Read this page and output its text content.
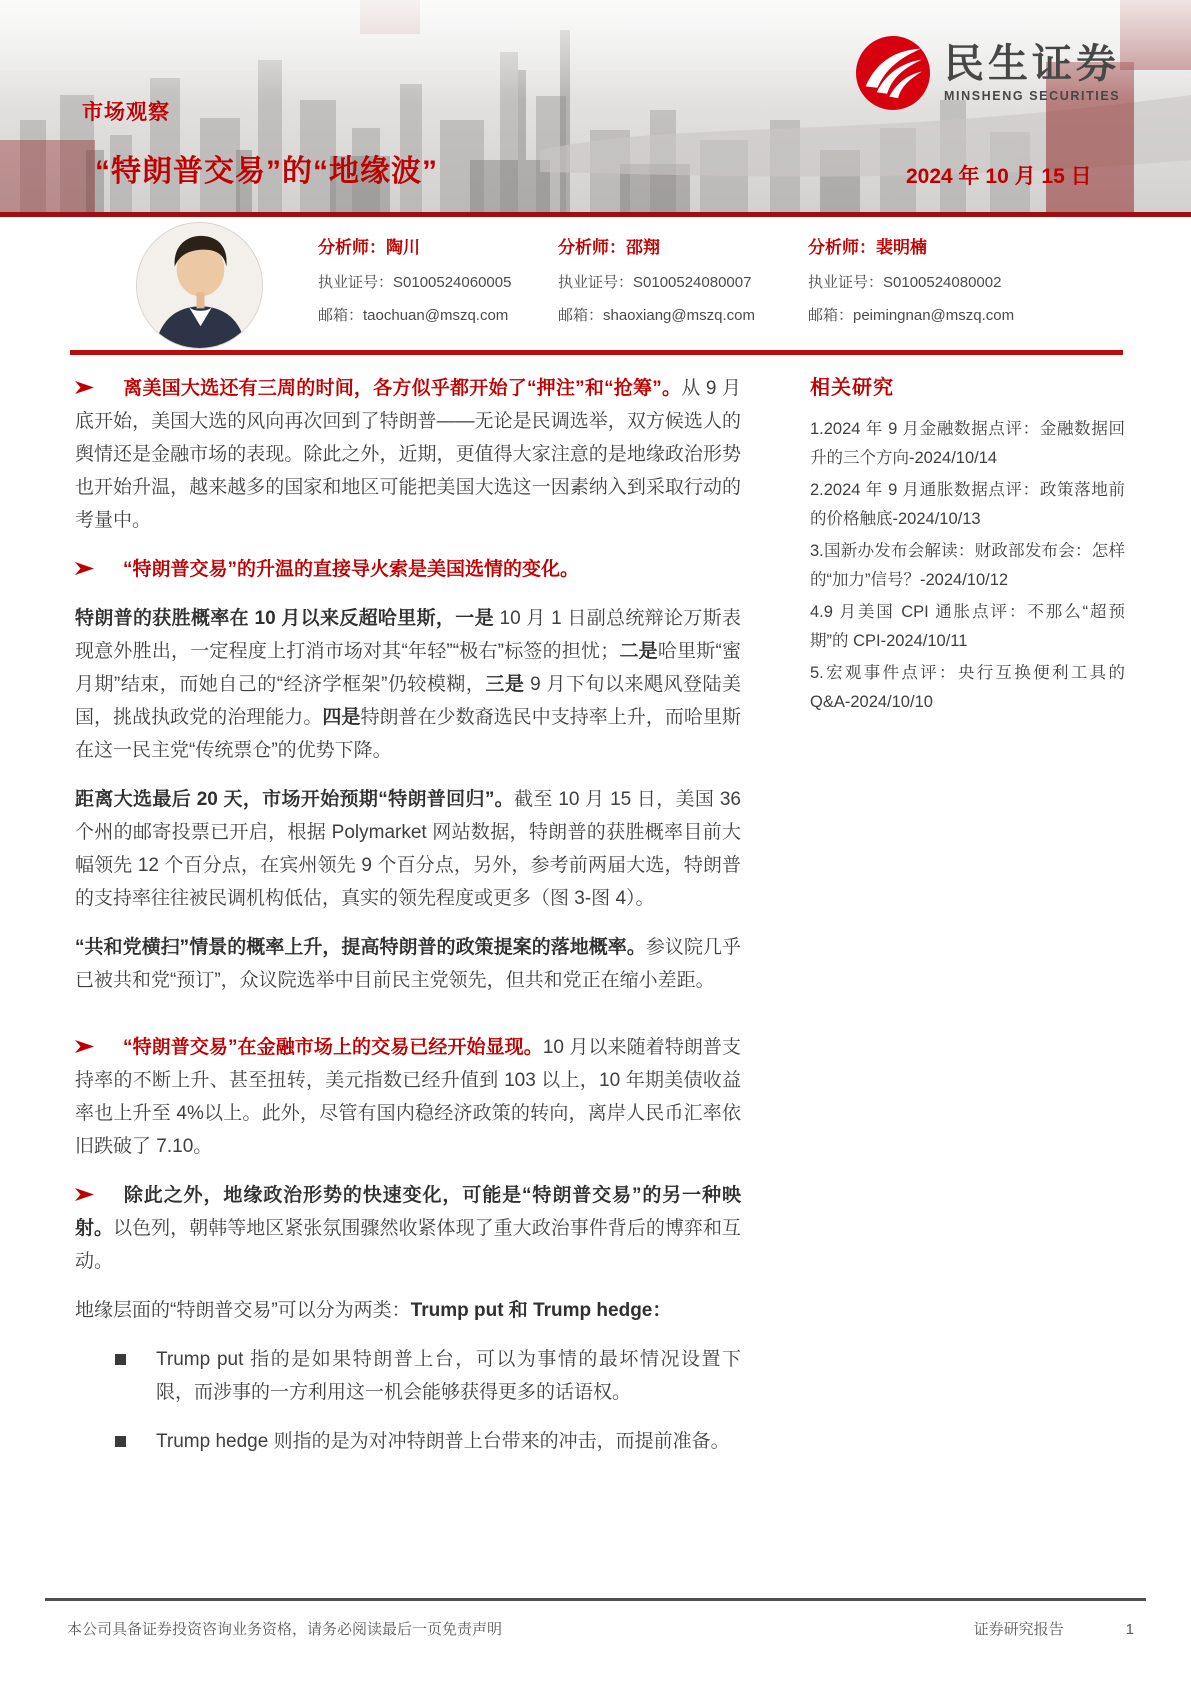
市场观察
“特朗普交易”的“地缘波”
民生证券
MINSHENG SECURITIES
2024 年 10 月 15 日
分析师：陶川
执业证号：S0100524060005
邮箱：taochuan@mszq.com
分析师：邵翔
执业证号：S0100524080007
邮箱：shaoxiang@mszq.com
分析师：裴明楠
执业证号：S0100524080002
邮箱：peimingnan@mszq.com

离美国大选还有三周的时间，各方似乎都开始了“押注”和“抢筹”。从 9 月底开始，美国大选的风向再次回到了特朗普——无论是民调选举，双方候选人的舆情还是金融市场的表现。除此之外，近期，更值得大家注意的是地缘政治形势也开始升温，越来越多的国家和地区可能把美国大选这一因素纳入到采取行动的考量中。

“特朗普交易”的升温的直接导火索是美国选情的变化。

特朗普的获胜概率在 10 月以来反超哈里斯，一是 10 月 1 日副总统辩论万斯表现意外胜出，一定程度上打消市场对其“年轻”“极右”标签的担忧；二是哈里斯“蜜月期”结束，而她自己的“经济学框架”仍较模糊，三是 9 月下旬以来飓风登陆美国，挑战执政党的治理能力。四是特朗普在少数裔选民中支持率上升，而哈里斯在这一民主党“传统票仓”的优势下降。

距离大选最后 20 天，市场开始预期“特朗普回归”。截至 10 月 15 日，美国 36 个州的邮寄投票已开启，根据 Polymarket 网站数据，特朗普的获胜概率目前大幅领先 12 个百分点，在宾州领先 9 个百分点，另外，参考前两届大选，特朗普的支持率往往被民调机构低估，真实的领先程度或更多（图 3-图 4）。

“共和党横扫”情景的概率上升，提高特朗普的政策提案的落地概率。参议院几乎已被共和党“预订”，众议院选举中目前民主党领先，但共和党正在缩小差距。

“特朗普交易”在金融市场上的交易已经开始显现。10 月以来随着特朗普支持率的不断上升、甚至扭转，美元指数已经升值到 103 以上，10 年期美债收益率也上升至 4%以上。此外，尽管有国内稳经济政策的转向，离岸人民币汇率依旧跌破了 7.10。

除此之外，地缘政治形势的快速变化，可能是“特朗普交易”的另一种映射。以色列，朝韩等地区紧张氛围骤然收紧体现了重大政治事件背后的博弈和互动。

地缘层面的“特朗普交易”可以分为两类：Trump put 和 Trump hedge：

Trump put 指的是如果特朗普上台，可以为事情的最坏情况设置下限，而涉事的一方利用这一机会能够获得更多的话语权。
Trump hedge 则指的是为对冲特朗普上台带来的冲击，而提前准备。
相关研究
1.2024 年 9 月金融数据点评：金融数据回升的三个方向-2024/10/14
2.2024 年 9 月通胀数据点评：政策落地前的价格触底-2024/10/13
3.国新办发布会解读：财政部发布会：怎样的“加力”信号？-2024/10/12
4.9 月美国 CPI 通胀点评：不那么“超预期”的 CPI-2024/10/11
5.宏观事件点评：央行互换便利工具的 Q&A-2024/10/10
本公司具备证券投资咨询业务资格，请务必阅读最后一页免责声明	证券研究报告	1
